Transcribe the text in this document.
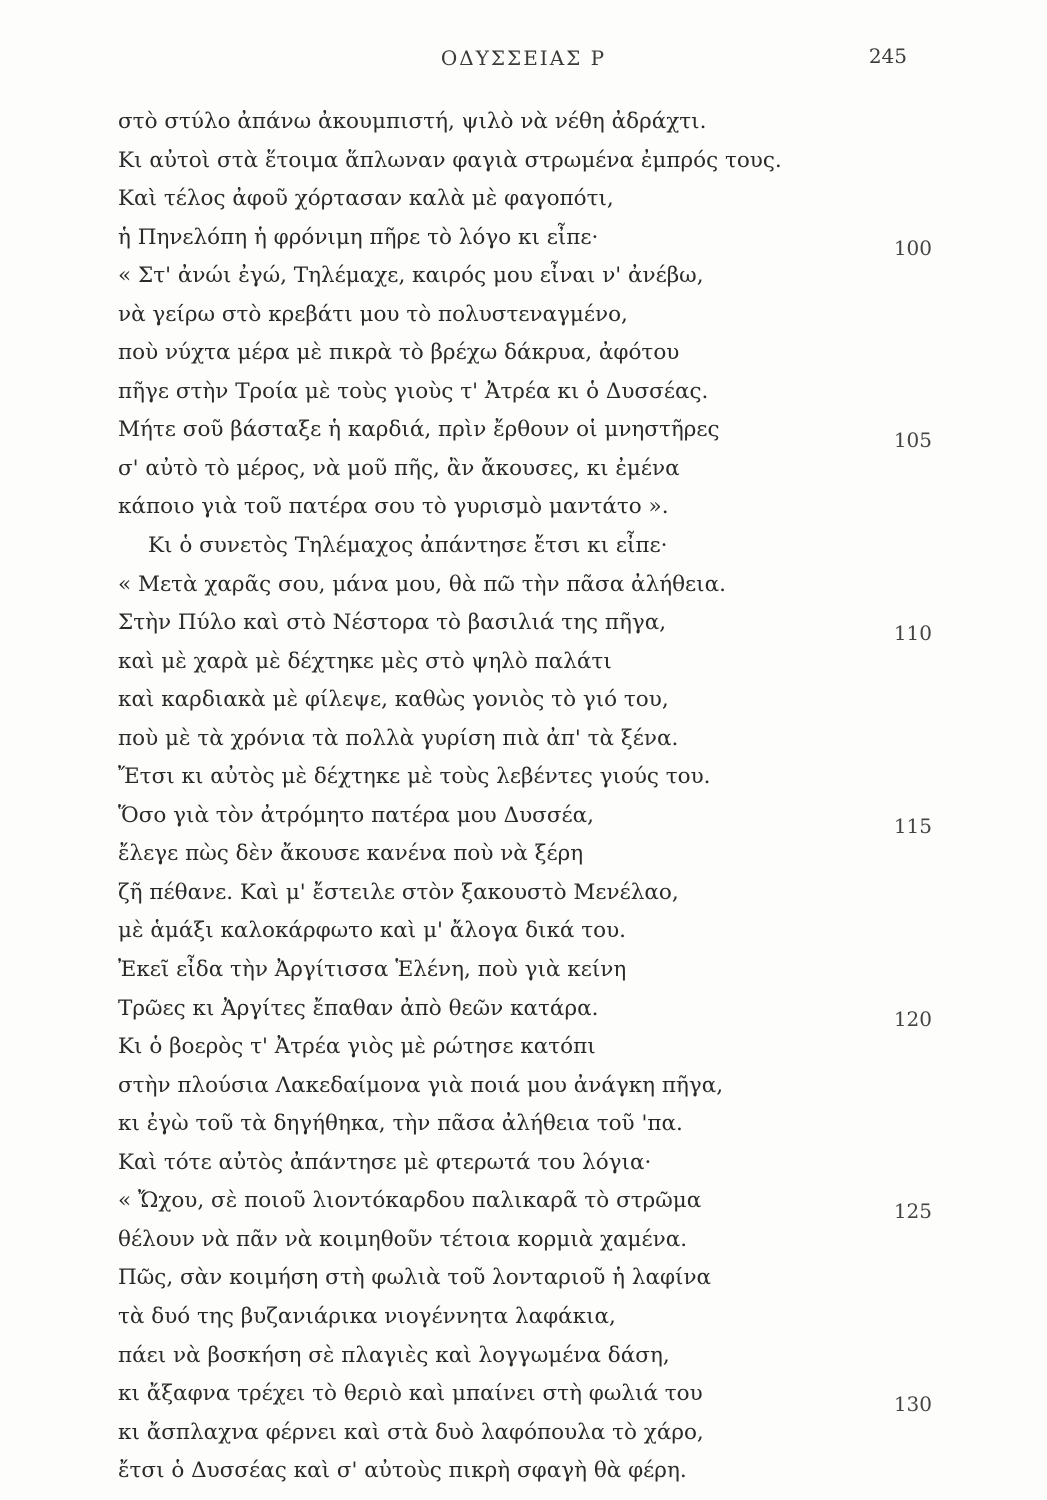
ΟΔΥΣΣΕΙΑΣ Ρ	245
στὸ στύλο ἀπάνω ἀκουμπιστή, ψιλὸ νὰ νέθη ἀδράχτι.
Κι αὐτοὶ στὰ ἕτοιμα ἅπλωναν φαγιὰ στρωμένα ἐμπρός τους.
Καὶ τέλος ἀφοῦ χόρτασαν καλὰ μὲ φαγοπότι,
ἡ Πηνελόπη ἡ φρόνιμη πῆρε τὸ λόγο κι εἶπε·	100
« Στ' ἀνώι ἐγώ, Τηλέμαχε, καιρός μου εἶναι ν' ἀνέβω,
νὰ γείρω στὸ κρεβάτι μου τὸ πολυστεναγμένο,
ποὺ νύχτα μέρα μὲ πικρὰ τὸ βρέχω δάκρυα, ἀφότου
πῆγε στὴν Τροία μὲ τοὺς γιοὺς τ' Ἀτρέα κι ὁ Δυσσέας.
Μήτε σοῦ βάσταξε ἡ καρδιά, πρὶν ἔρθουν οἱ μνηστῆρες	105
σ' αὐτὸ τὸ μέρος, νὰ μοῦ πῆς, ἂν ἄκουσες, κι ἐμένα
κάποιο γιὰ τοῦ πατέρα σου τὸ γυρισμὸ μαντάτο ».
Κι ὁ συνετὸς Τηλέμαχος ἀπάντησε ἔτσι κι εἶπε·
« Μετὰ χαρᾶς σου, μάνα μου, θὰ πῶ τὴν πᾶσα ἀλήθεια.
Στὴν Πύλο καὶ στὸ Νέστορα τὸ βασιλιά της πῆγα,	110
καὶ μὲ χαρὰ μὲ δέχτηκε μὲς στὸ ψηλὸ παλάτι
καὶ καρδιακὰ μὲ φίλεψε, καθὼς γονιὸς τὸ γιό του,
ποὺ μὲ τὰ χρόνια τὰ πολλὰ γυρίση πιὰ ἀπ' τὰ ξένα.
Ἔτσι κι αὐτὸς μὲ δέχτηκε μὲ τοὺς λεβέντες γιούς του.
Ὅσο γιὰ τὸν ἀτρόμητο πατέρα μου Δυσσέα,	115
ἔλεγε πὼς δὲν ἄκουσε κανένα ποὺ νὰ ξέρη
ζῆ πέθανε. Καὶ μ' ἔστειλε στὸν ξακουστὸ Μενέλαο,
μὲ ἁμάξι καλοκάρφωτο καὶ μ' ἄλογα δικά του.
Ἐκεῖ εἶδα τὴν Ἀργίτισσα Ἑλένη, ποὺ γιὰ κείνη
Τρῶες κι Ἀργίτες ἔπαθαν ἀπὸ θεῶν κατάρα.	120
Κι ὁ βοερὸς τ' Ἀτρέα γιὸς μὲ ρώτησε κατόπι
στὴν πλούσια Λακεδαίμονα γιὰ ποιά μου ἀνάγκη πῆγα,
κι ἐγὼ τοῦ τὰ δηγήθηκα, τὴν πᾶσα ἀλήθεια τοῦ 'πα.
Καὶ τότε αὐτὸς ἀπάντησε μὲ φτερωτά του λόγια·
« Ὤχου, σὲ ποιοῦ λιοντόκαρδου παλικαρᾶ τὸ στρῶμα	125
θέλουν νὰ πᾶν νὰ κοιμηθοῦν τέτοια κορμιὰ χαμένα.
Πῶς, σὰν κοιμήση στὴ φωλιὰ τοῦ λονταριοῦ ἡ λαφίνα
τὰ δυό της βυζανιάρικα νιογέννητα λαφάκια,
πάει νὰ βοσκήση σὲ πλαγιὲς καὶ λογγωμένα δάση,
κι ἄξαφνα τρέχει τὸ θεριὸ καὶ μπαίνει στὴ φωλιά του	130
κι ἄσπλαχνα φέρνει καὶ στὰ δυὸ λαφόπουλα τὸ χάρο,
ἔτσι ὁ Δυσσέας καὶ σ' αὐτοὺς πικρὴ σφαγὴ θὰ φέρη.
